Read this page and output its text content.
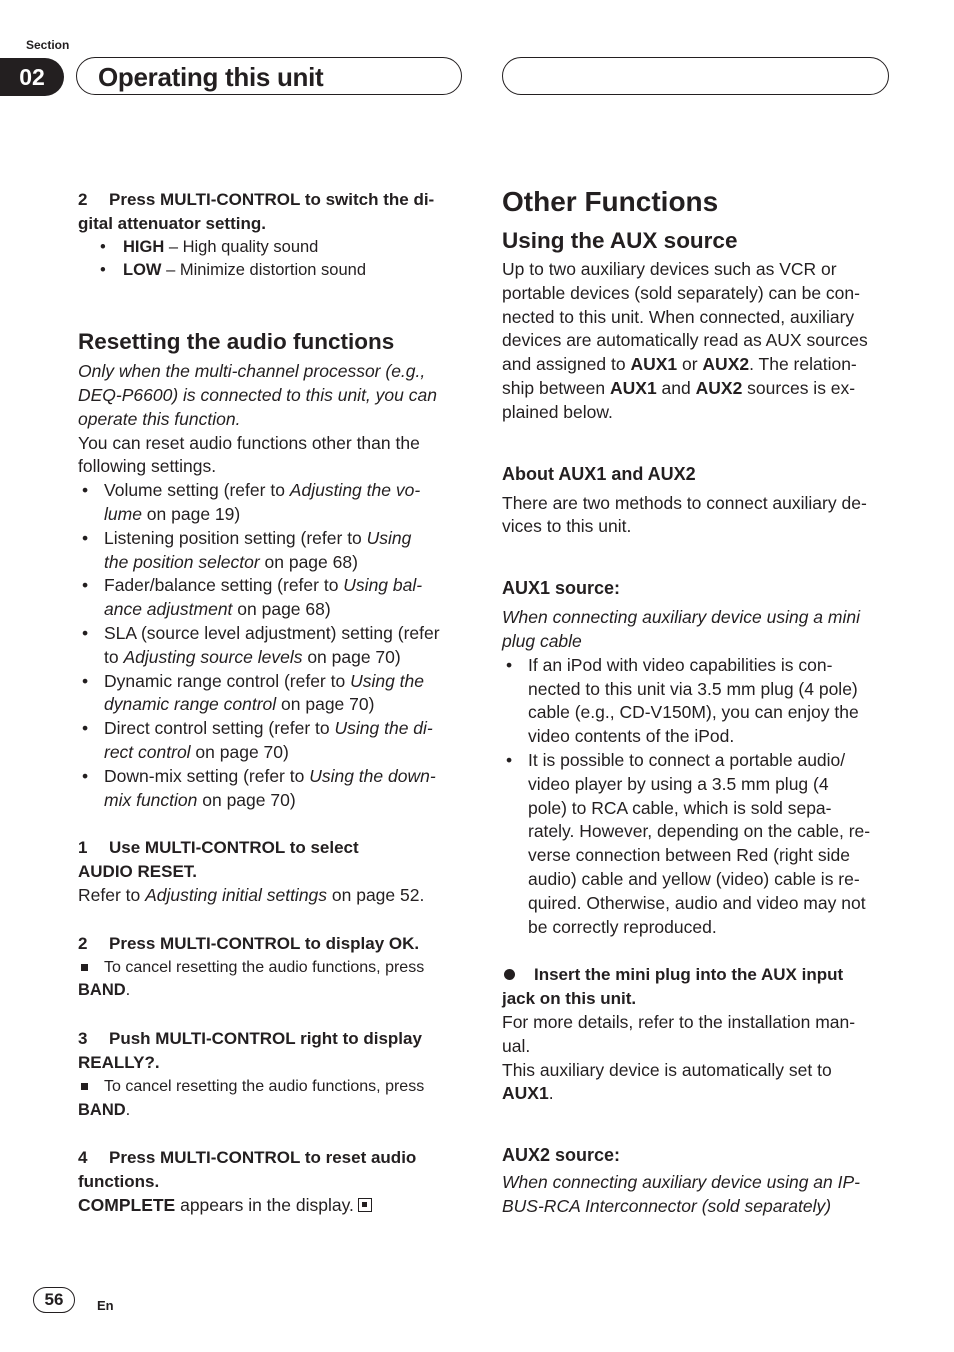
Section
02	Operating this unit

2 Press MULTI-CONTROL to switch the di-

gital attenuator setting.

• HIGH – High quality sound
• LOW – Minimize distortion sound

Resetting the audio functions

Only when the multi-channel processor (e.g.,

DEQ-P6600) is connected to this unit, you can

operate this function.

You can reset audio functions other than the

following settings.

• Volume setting (refer to Adjusting the vo-
lume on page 19)
• Listening position setting (refer to Using
the position selector on page 68)
• Fader/balance setting (refer to Using bal-
ance adjustment on page 68)
• SLA (source level adjustment) setting (refer
to Adjusting source levels on page 70)
• Dynamic range control (refer to Using the
dynamic range control on page 70)
• Direct control setting (refer to Using the di-
rect control on page 70)
• Down-mix setting (refer to Using the down-
mix function on page 70)

1 Use MULTI-CONTROL to select

AUDIO RESET.

Refer to Adjusting initial settings on page 52.

2 Press MULTI-CONTROL to display OK.

To cancel resetting the audio functions, press

BAND.

3 Push MULTI-CONTROL right to display

REALLY?.

To cancel resetting the audio functions, press

BAND.

4 Press MULTI-CONTROL to reset audio

functions.

COMPLETE appears in the display.

Other Functions

Using the AUX source

Up to two auxiliary devices such as VCR or

portable devices (sold separately) can be con-

nected to this unit. When connected, auxiliary

devices are automatically read as AUX sources

and assigned to AUX1 or AUX2. The relation-

ship between AUX1 and AUX2 sources is ex-

plained below.

About AUX1 and AUX2

There are two methods to connect auxiliary de-

vices to this unit.

AUX1 source:

When connecting auxiliary device using a mini

plug cable

• If an iPod with video capabilities is con-
nected to this unit via 3.5 mm plug (4 pole)
cable (e.g., CD-V150M), you can enjoy the
video contents of the iPod.
• It is possible to connect a portable audio/
video player by using a 3.5 mm plug (4
pole) to RCA cable, which is sold sepa-
rately. However, depending on the cable, re-
verse connection between Red (right side
audio) cable and yellow (video) cable is re-
quired. Otherwise, audio and video may not
be correctly reproduced.

Insert the mini plug into the AUX input

jack on this unit.

For more details, refer to the installation man-

ual.

This auxiliary device is automatically set to

AUX1.

AUX2 source:

When connecting auxiliary device using an IP-

BUS-RCA Interconnector (sold separately)

56	En
